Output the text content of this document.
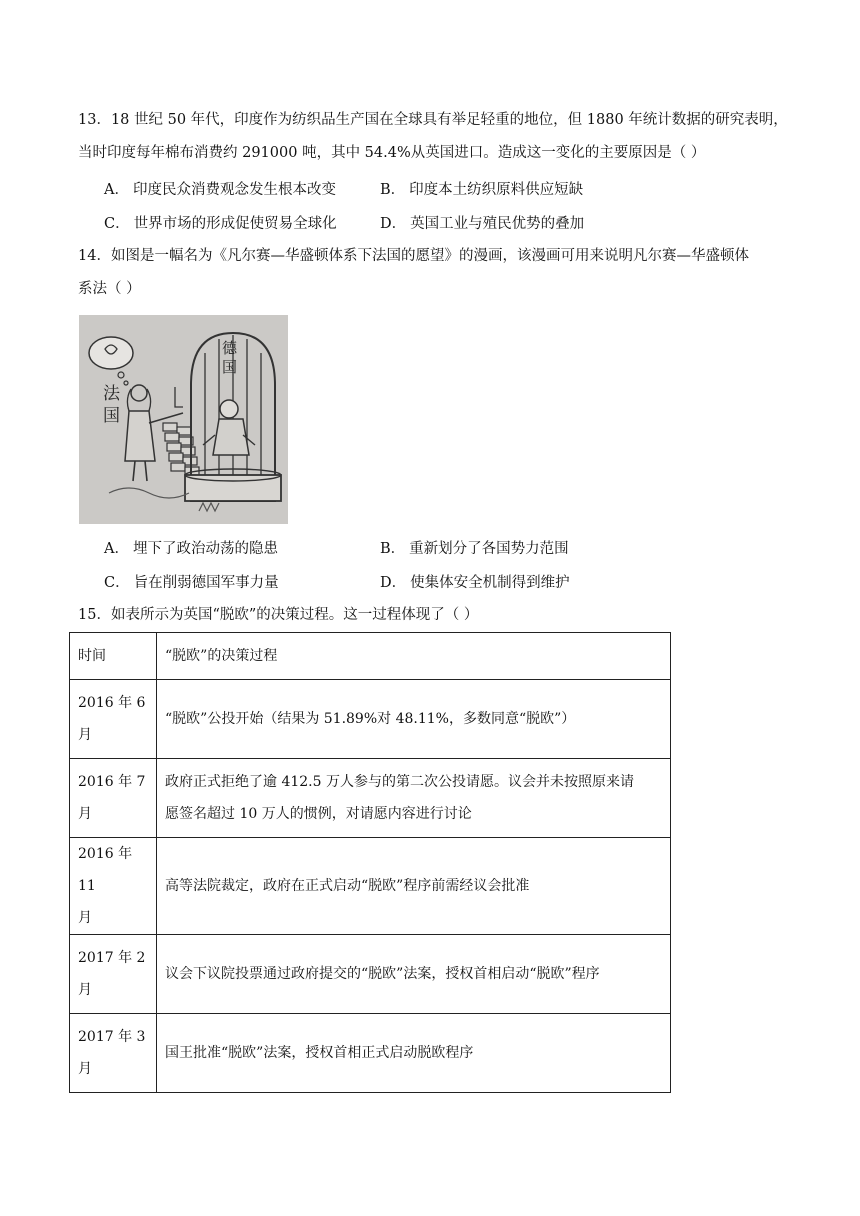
13．18 世纪 50 年代，印度作为纺织品生产国在全球具有举足轻重的地位，但 1880 年统计数据的研究表明，
当时印度每年棉布消费约 291000 吨，其中 54.4%从英国进口。造成这一变化的主要原因是（ ）
A． 印度民众消费观念发生根本改变	B． 印度本土纺织原料供应短缺
C． 世界市场的形成促使贸易全球化	D． 英国工业与殖民优势的叠加
14．如图是一幅名为《凡尔赛—华盛顿体系下法国的愿望》的漫画，该漫画可用来说明凡尔赛—华盛顿体
系法（ ）
法国
德国
A． 埋下了政治动荡的隐患	B． 重新划分了各国势力范围
C． 旨在削弱德国军事力量	D． 使集体安全机制得到维护
15．如表所示为英国“脱欧”的决策过程。这一过程体现了（ ）
时间	“脱欧”的决策过程
2016 年 6
月	“脱欧”公投开始（结果为 51.89%对 48.11%，多数同意“脱欧”）
2016 年 7
月	政府正式拒绝了逾 412.5 万人参与的第二次公投请愿。议会并未按照原来请
愿签名超过 10 万人的惯例，对请愿内容进行讨论
2016 年 11
月	高等法院裁定，政府在正式启动“脱欧”程序前需经议会批准
2017 年 2
月	议会下议院投票通过政府提交的“脱欧”法案，授权首相启动“脱欧”程序
2017 年 3
月	国王批准“脱欧”法案，授权首相正式启动脱欧程序
